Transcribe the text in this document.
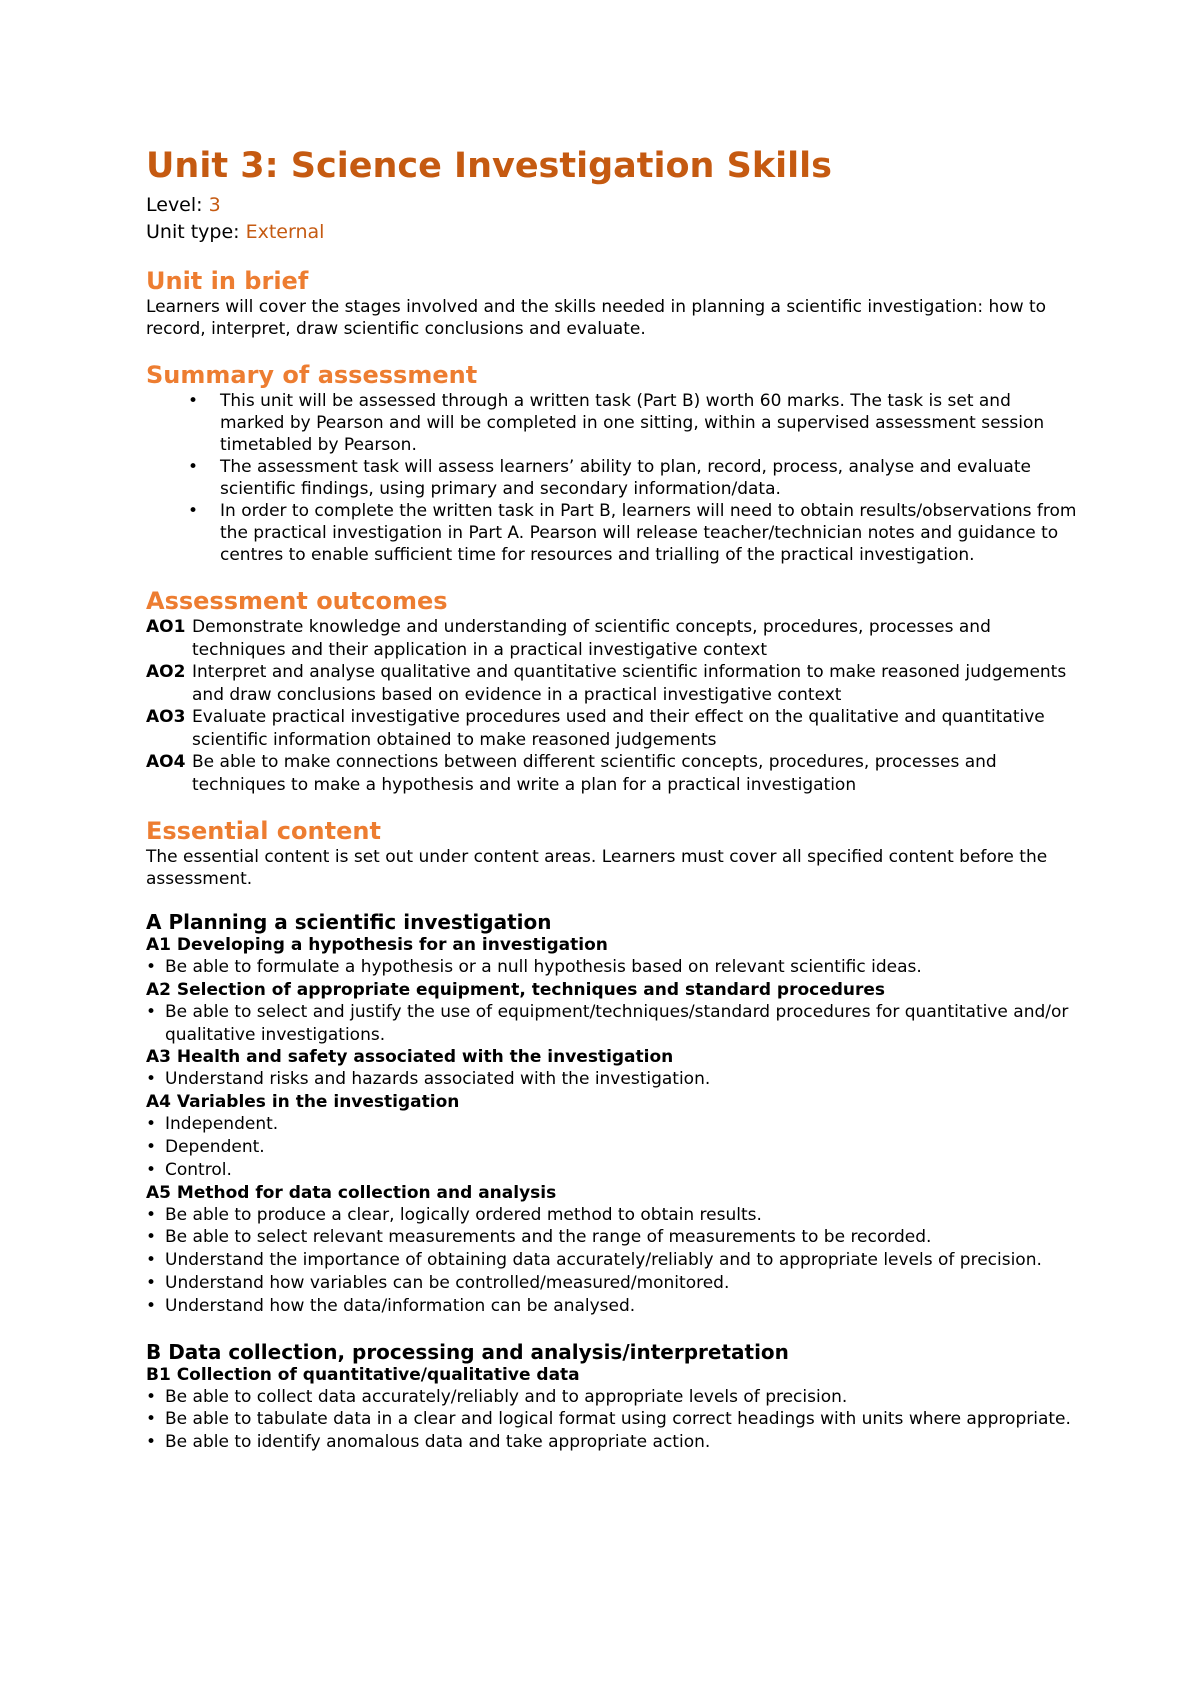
Unit 3: Science Investigation Skills

Level: 3

Unit type: External

Unit in brief

Learners will cover the stages involved and the skills needed in planning a scientific investigation: how to record, interpret, draw scientific conclusions and evaluate.

Summary of assessment
• This unit will be assessed through a written task (Part B) worth 60 marks. The task is set and marked by Pearson and will be completed in one sitting, within a supervised assessment session timetabled by Pearson.
• The assessment task will assess learners’ ability to plan, record, process, analyse and evaluate scientific findings, using primary and secondary information/data.
• In order to complete the written task in Part B, learners will need to obtain results/observations from the practical investigation in Part A. Pearson will release teacher/technician notes and guidance to centres to enable sufficient time for resources and trialling of the practical investigation.
Assessment outcomes
AO1 Demonstrate knowledge and understanding of scientific concepts, procedures, processes and techniques and their application in a practical investigative context
AO2 Interpret and analyse qualitative and quantitative scientific information to make reasoned judgements and draw conclusions based on evidence in a practical investigative context
AO3 Evaluate practical investigative procedures used and their effect on the qualitative and quantitative scientific information obtained to make reasoned judgements
AO4 Be able to make connections between different scientific concepts, procedures, processes and techniques to make a hypothesis and write a plan for a practical investigation
Essential content

The essential content is set out under content areas. Learners must cover all specified content before the assessment.

A Planning a scientific investigation

A1 Developing a hypothesis for an investigation

• Be able to formulate a hypothesis or a null hypothesis based on relevant scientific ideas.

A2 Selection of appropriate equipment, techniques and standard procedures

• Be able to select and justify the use of equipment/techniques/standard procedures for quantitative and/or qualitative investigations.

A3 Health and safety associated with the investigation

• Understand risks and hazards associated with the investigation.

A4 Variables in the investigation

• Independent.
• Dependent.
• Control.

A5 Method for data collection and analysis

• Be able to produce a clear, logically ordered method to obtain results.
• Be able to select relevant measurements and the range of measurements to be recorded.
• Understand the importance of obtaining data accurately/reliably and to appropriate levels of precision.
• Understand how variables can be controlled/measured/monitored.
• Understand how the data/information can be analysed.
B Data collection, processing and analysis/interpretation

B1 Collection of quantitative/qualitative data

• Be able to collect data accurately/reliably and to appropriate levels of precision.
• Be able to tabulate data in a clear and logical format using correct headings with units where appropriate.
• Be able to identify anomalous data and take appropriate action.
